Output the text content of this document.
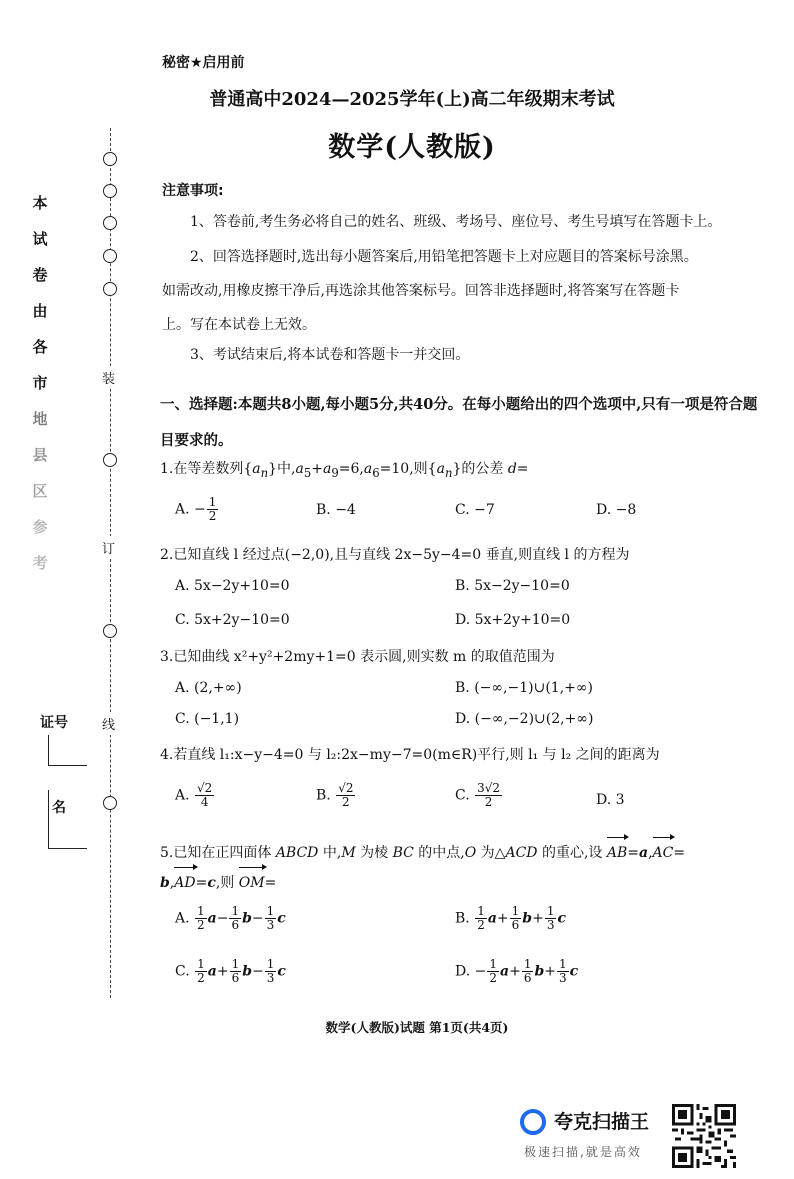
装
订
线
本
试
卷
由
各
市
地
县
区
参
考
证号
名
秘密★启用前
普通高中2024—2025学年(上)高二年级期末考试
数学(人教版)
注意事项:
1、答卷前,考生务必将自己的姓名、班级、考场号、座位号、考生号填写在答题卡上。
2、回答选择题时,选出每小题答案后,用铅笔把答题卡上对应题目的答案标号涂黑。
如需改动,用橡皮擦干净后,再选涂其他答案标号。回答非选择题时,将答案写在答题卡
上。写在本试卷上无效。
3、考试结束后,将本试卷和答题卡一并交回。
一、选择题:本题共8小题,每小题5分,共40分。在每小题给出的四个选项中,只有一项是符合题目要求的。
1.在等差数列$\{a_n\}$中$,a_5+a_9=6,a_6=10$,则$\{a_n\}$的公差 d=
A. − $\frac{1}{2}$	B. −4	C. −7	D. −8
2.已知直线 l 经过点(−2,0),且与直线 2x−5y−4=0 垂直,则直线 l 的方程为
A. 5x−2y+10=0	B. 5x−2y−10=0
C. 5x+2y−10=0	D. 5x+2y+10=0
3.已知曲线 x²+y²+2my+1=0 表示圆,则实数 m 的取值范围为
A. (2,+∞)	B. (−∞,−1)∪(1,+∞)
C. (−1,1)	D. (−∞,−2)∪(2,+∞)
4.若直线 l₁:x−y−4=0 与 l₂:2x−my−7=0(m∈R)平行,则 l₁ 与 l₂ 之间的距离为
A. $\frac{√2}{4}$	B. $\frac{√2}{2}$	C. $\frac{3√2}{2}$	D. 3
5.已知在正四面体 ABCD 中,M 为棱 BC 的中点,O 为△ACD 的重心,设 AB=a,AC=
b,AD=c,则 OM=
A. $\frac{1}{2} a- \frac{1}{6} b- \frac{1}{3}$ c	B. $\frac{1}{2} a+ \frac{1}{6} b+ \frac{1}{3}$ c
C. $\frac{1}{2} a+ \frac{1}{6} b- \frac{1}{3}$ c	D. − $\frac{1}{2} a+ \frac{1}{6} b+ \frac{1}{3}$ c
数学(人教版)试题 第1页(共4页)
夸克扫描王
极速扫描,就是高效
